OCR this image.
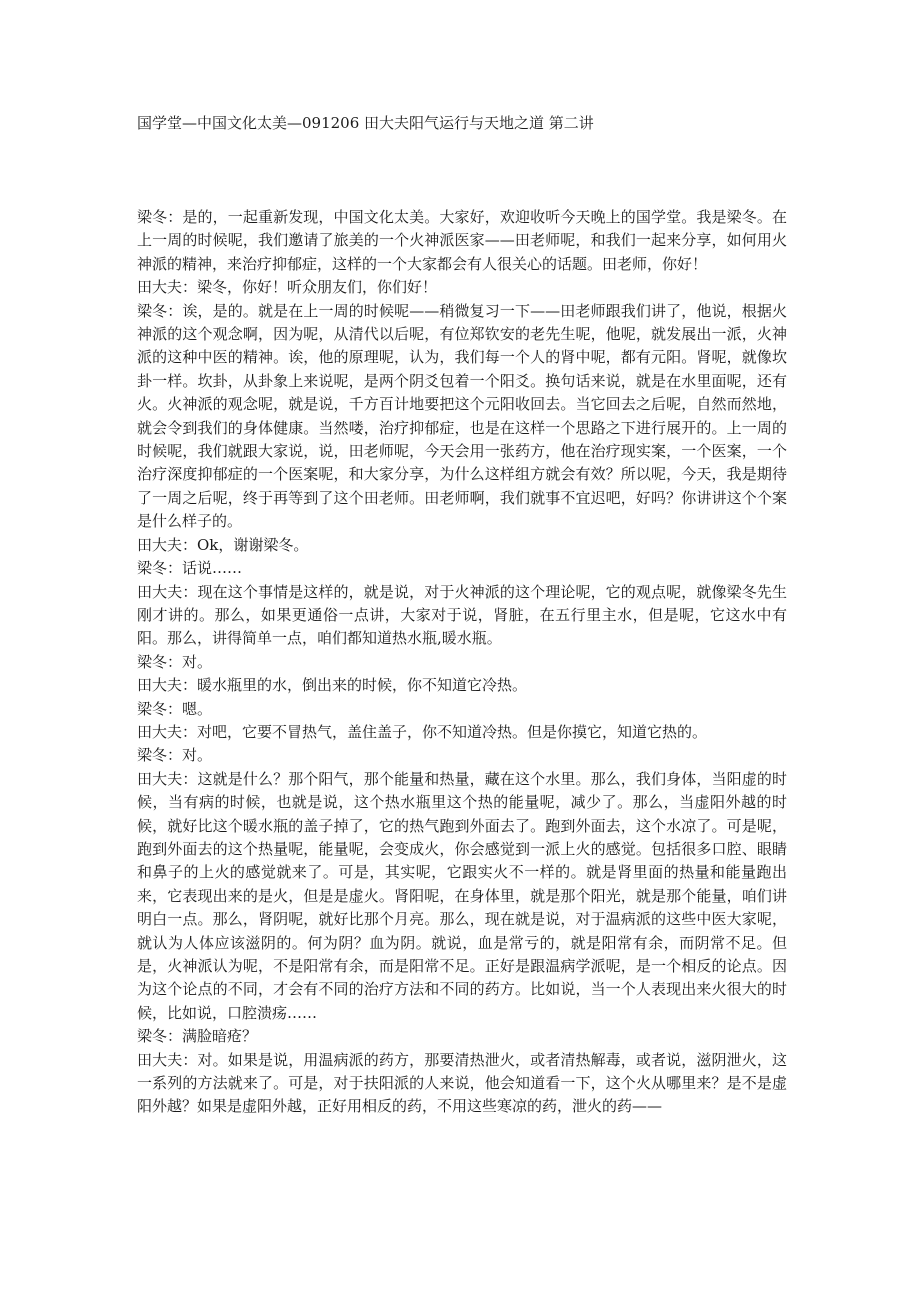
国学堂—中国文化太美—091206 田大夫阳气运行与天地之道 第二讲

梁冬：是的，一起重新发现，中国文化太美。大家好，欢迎收听今天晚上的国学堂。我是梁冬。在上一周的时候呢，我们邀请了旅美的一个火神派医家——田老师呢，和我们一起来分享，如何用火神派的精神，来治疗抑郁症，这样的一个大家都会有人很关心的话题。田老师，你好！

田大夫：梁冬，你好！听众朋友们，你们好！

梁冬：诶，是的。就是在上一周的时候呢——稍微复习一下——田老师跟我们讲了，他说，根据火神派的这个观念啊，因为呢，从清代以后呢，有位郑钦安的老先生呢，他呢，就发展出一派，火神派的这种中医的精神。诶，他的原理呢，认为，我们每一个人的肾中呢，都有元阳。肾呢，就像坎卦一样。坎卦，从卦象上来说呢，是两个阴爻包着一个阳爻。换句话来说，就是在水里面呢，还有火。火神派的观念呢，就是说，千方百计地要把这个元阳收回去。当它回去之后呢，自然而然地，就会令到我们的身体健康。当然喽，治疗抑郁症，也是在这样一个思路之下进行展开的。上一周的时候呢，我们就跟大家说，说，田老师呢，今天会用一张药方，他在治疗现实案，一个医案，一个治疗深度抑郁症的一个医案呢，和大家分享，为什么这样组方就会有效？所以呢，今天，我是期待了一周之后呢，终于再等到了这个田老师。田老师啊，我们就事不宜迟吧，好吗？你讲讲这个个案是什么样子的。

田大夫：Ok，谢谢梁冬。

梁冬：话说……

田大夫：现在这个事情是这样的，就是说，对于火神派的这个理论呢，它的观点呢，就像梁冬先生刚才讲的。那么，如果更通俗一点讲，大家对于说，肾脏，在五行里主水，但是呢，它这水中有阳。那么，讲得简单一点，咱们都知道热水瓶,暖水瓶。

梁冬：对。

田大夫：暖水瓶里的水，倒出来的时候，你不知道它冷热。

梁冬：嗯。

田大夫：对吧，它要不冒热气，盖住盖子，你不知道冷热。但是你摸它，知道它热的。

梁冬：对。

田大夫：这就是什么？那个阳气，那个能量和热量，藏在这个水里。那么，我们身体，当阳虚的时候，当有病的时候，也就是说，这个热水瓶里这个热的能量呢，减少了。那么，当虚阳外越的时候，就好比这个暖水瓶的盖子掉了，它的热气跑到外面去了。跑到外面去，这个水凉了。可是呢，跑到外面去的这个热量呢，能量呢，会变成火，你会感觉到一派上火的感觉。包括很多口腔、眼睛和鼻子的上火的感觉就来了。可是，其实呢，它跟实火不一样的。就是肾里面的热量和能量跑出来，它表现出来的是火，但是是虚火。肾阳呢，在身体里，就是那个阳光，就是那个能量，咱们讲明白一点。那么，肾阴呢，就好比那个月亮。那么，现在就是说，对于温病派的这些中医大家呢，就认为人体应该滋阴的。何为阴？血为阴。就说，血是常亏的，就是阳常有余，而阴常不足。但是，火神派认为呢，不是阳常有余，而是阳常不足。正好是跟温病学派呢，是一个相反的论点。因为这个论点的不同，才会有不同的治疗方法和不同的药方。比如说，当一个人表现出来火很大的时候，比如说，口腔溃疡……

梁冬：满脸暗疮？

田大夫：对。如果是说，用温病派的药方，那要清热泄火，或者清热解毒，或者说，滋阴泄火，这一系列的方法就来了。可是，对于扶阳派的人来说，他会知道看一下，这个火从哪里来？是不是虚阳外越？如果是虚阳外越，正好用相反的药，不用这些寒凉的药，泄火的药——
